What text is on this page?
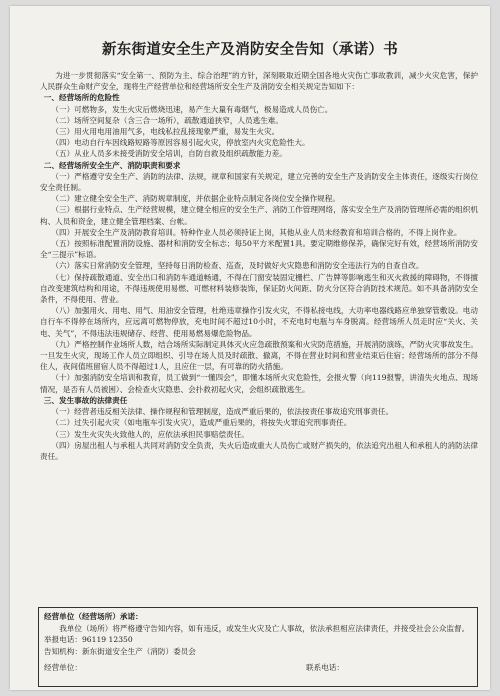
新东街道安全生产及消防安全告知（承诺）书

为进一步贯彻落实“安全第一、预防为主、综合治理”的方针，深刻吸取近期全国各地火灾伤亡事故教训，减少火灾危害，保护人民群众生命财产安全，现将生产经营单位和经营场所安全生产及消防安全相关规定告知如下：

一、经营场所的危险性

（一）可燃物多，发生火灾后燃烧迅速，易产生大量有毒烟气，极易造成人员伤亡。

（二）场所空间复杂（含三合一场所），疏散通道狭窄，人员逃生难。

（三）用火用电用油用气多，电线私拉乱接现象严重，易发生火灾。

（四）电动自行车因线路短路等原因容易引起火灾，停放室内火灾危险性大。

（五）从业人员多未接受消防安全培训，自防自救及组织疏散能力差。

二、经营场所安全生产、消防职责和要求

（一）严格遵守安全生产、消防的法律、法规，规章和国家有关规定，建立完善的安全生产及消防安全主体责任，逐级实行岗位安全责任制。

（二）建立健全安全生产、消防规章制度，并依据企业特点制定各岗位安全操作规程。

（三）根据行业特点、生产经营规模，建立健全相应的安全生产、消防工作管理网络，落实安全生产及消防管理所必需的组织机构、人员和资金，建立健全管理档案、台帐。

（四）开展安全生产及消防教育培训。特种作业人员必须持证上岗，其他从业人员未经教育和培训合格的，不得上岗作业。

（五）按照标准配置消防设施、器材和消防安全标志；每50平方米配置1具。要定期维修保养，确保完好有效，经营场所消防安全“三提示”标语。

（六）落实日常消防安全管理，坚持每日消防检查、巡查，及时做好火灾隐患和消防安全违法行为的自查自改。

（七）保持疏散通道、安全出口和消防车通道畅通，不得在门窗安装固定栅栏、广告牌等影响逃生和灭火救援的障碍物，不得擅自改变建筑结构和用途，不得违规使用易燃、可燃材料装修装饰，保证防火间距、防火分区符合消防技术规范。如不具备消防安全条件，不得使用、营业。

（八）加强用火、用电、用气、用油安全管理，杜绝违章操作引发火灾，不得私接电线，大功率电器线路应单独穿管敷设。电动自行车不得停在场所内，应远离可燃物停放，充电时间不超过10小时，不充电时电瓶与车身脱离。经营场所人员走时应“关火、关电、关气”，不得违法违规储存、经营、使用易燃易爆危险物品。

（九）严格控制作业场所人数，结合场所实际制定具体灭火应急疏散预案和火灾防范措施，开展消防演练，严防火灾事故发生。一旦发生火灾，现场工作人员立即组织、引导在场人员及时疏散、撤离，不得在营业时间和营业结束后住宿；经营场所的部分不得住人，夜间值班留宿人员不得超过1人，且应住一层，有可靠的防火措施。

（十）加强消防安全培训和教育，员工做到“一懂四会”，即懂本场所火灾危险性，会报火警（向119报警，讲清失火地点、现场情况，是否有人员被困）、会检查火灾隐患、会扑救初起火灾，会组织疏散逃生。

三、发生事故的法律责任

（一）经营者违反相关法律、操作规程和管理制度，造成严重后果的，依法按责任事故追究刑事责任。

（二）过失引起火灾（如电瓶车引发火灾），造成严重后果的，将按失火罪追究刑事责任。

（三）发生火灾失火致他人的，应依法承担民事赔偿责任。

（四）房屋出租人与承租人共同对消防安全负责，失火后造成重大人员伤亡或财产损失的，依法追究出租人和承租人的消防法律责任。

经营单位（经营场所）承诺：

我单位（场所）将严格遵守告知内容，如有违反，或发生火灾及亡人事故，依法承担相应法律责任，并接受社会公众监督。

举报电话：96119 12350

告知机构：新东街道安全生产（消防）委员会

经营单位：	联系电话：
